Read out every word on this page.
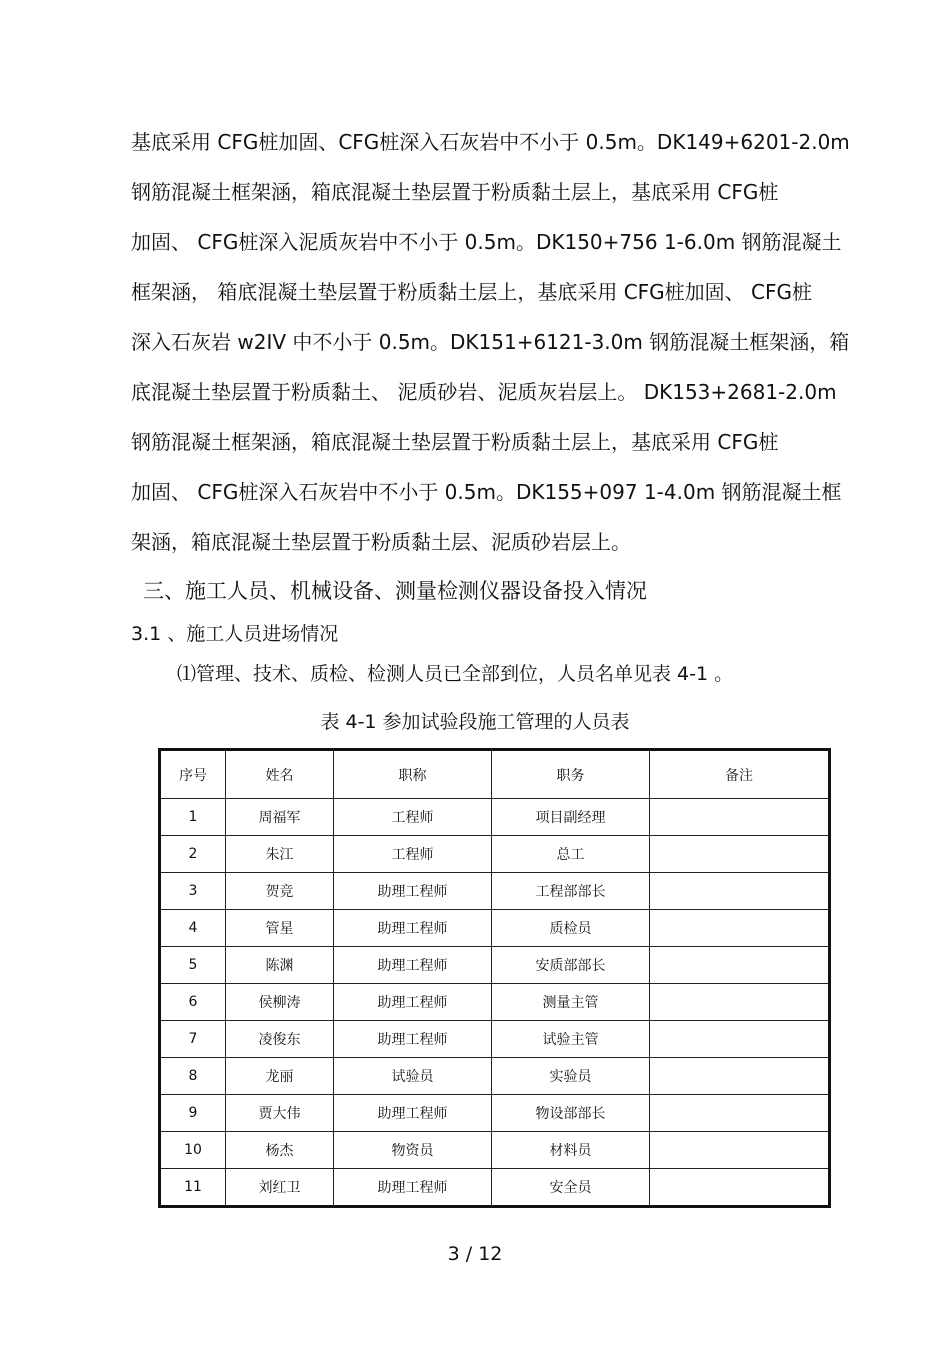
基底采用 CFG桩加固、CFG桩深入石灰岩中不小于 0.5m。DK149+6201-2.0m
钢筋混凝土框架涵，箱底混凝土垫层置于粉质黏土层上，基底采用 CFG桩
加固、 CFG桩深入泥质灰岩中不小于 0.5m。DK150+756 1-6.0m 钢筋混凝土
框架涵， 箱底混凝土垫层置于粉质黏土层上，基底采用 CFG桩加固、 CFG桩
深入石灰岩 w2IV 中不小于 0.5m。DK151+6121-3.0m 钢筋混凝土框架涵，箱
底混凝土垫层置于粉质黏土、 泥质砂岩、泥质灰岩层上。 DK153+2681-2.0m
钢筋混凝土框架涵，箱底混凝土垫层置于粉质黏土层上，基底采用 CFG桩
加固、 CFG桩深入石灰岩中不小于 0.5m。DK155+097 1-4.0m 钢筋混凝土框
架涵，箱底混凝土垫层置于粉质黏土层、泥质砂岩层上。
三、施工人员、机械设备、测量检测仪器设备投入情况
3.1 、施工人员进场情况
⑴管理、技术、质检、检测人员已全部到位，人员名单见表 4-1 。
表 4-1 参加试验段施工管理的人员表
序号	姓名	职称	职务	备注
1	周福军	工程师	项目副经理	
2	朱江	工程师	总工	
3	贺竞	助理工程师	工程部部长	
4	管星	助理工程师	质检员	
5	陈渊	助理工程师	安质部部长	
6	侯柳涛	助理工程师	测量主管	
7	凌俊东	助理工程师	试验主管	
8	龙丽	试验员	实验员	
9	贾大伟	助理工程师	物设部部长	
10	杨杰	物资员	材料员	
11	刘红卫	助理工程师	安全员	
3 / 12
